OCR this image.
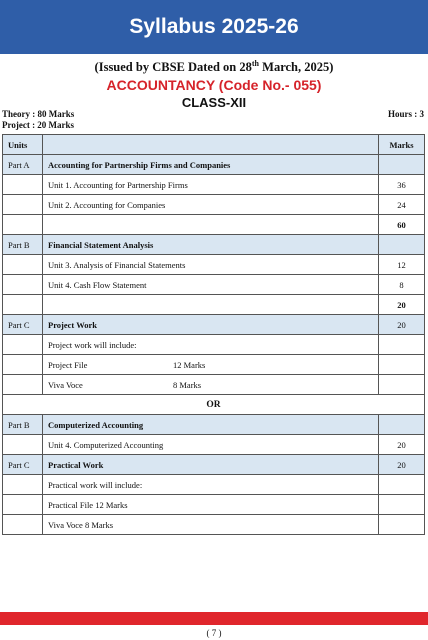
Syllabus 2025-26
(Issued by CBSE Dated on 28th March, 2025)
ACCOUNTANCY (Code No.- 055)
CLASS-XII
Theory : 80 Marks
Project : 20 Marks
Hours : 3
Units		Marks
Part A	Accounting for Partnership Firms and Companies	
	Unit 1. Accounting for Partnership Firms	36
	Unit 2. Accounting for Companies	24
		60
Part B	Financial Statement Analysis	
	Unit 3. Analysis of Financial Statements	12
	Unit 4. Cash Flow Statement	8
		20
Part C	Project Work	20
	Project work will include:	
	Project File 12 Marks	

	Viva Voce 8 Marks	

OR		
Part B	Computerized Accounting	
	Unit 4. Computerized Accounting	20
Part C	Practical Work	20
	Practical work will include:	
	Practical File 12 Marks	
	Viva Voce 8 Marks	
( 7 )
